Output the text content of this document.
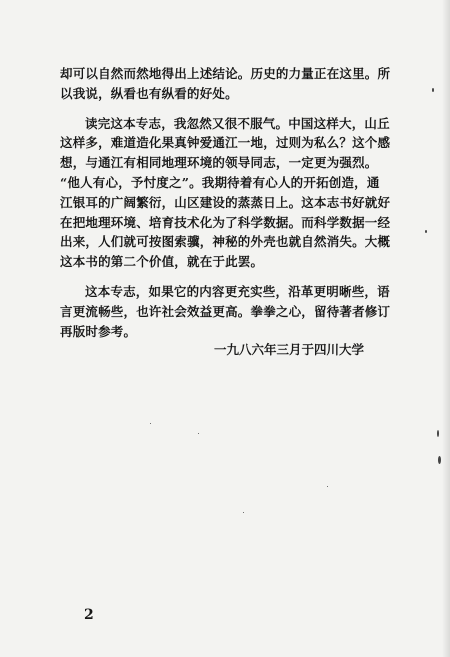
却可以自然而然地得出上述结论。历史的力量正在这里。所
以我说，纵看也有纵看的好处。
读完这本专志，我忽然又很不服气。中国这样大，山丘
这样多，难道造化果真钟爱通江一地，过则为私么？这个感
想，与通江有相同地理环境的领导同志，一定更为强烈。
“他人有心，予忖度之”。我期待着有心人的开拓创造，通
江银耳的广阔繁衍，山区建设的蒸蒸日上。这本志书好就好
在把地理环境、培育技术化为了科学数据。而科学数据一经
出来，人们就可按图索骥，神秘的外壳也就自然消失。大概
这本书的第二个价值，就在于此罢。
这本专志，如果它的内容更充实些，沿革更明晰些，语
言更流畅些，也许社会效益更高。拳拳之心，留待著者修订
再版时参考。
一九八六年三月于四川大学
2
